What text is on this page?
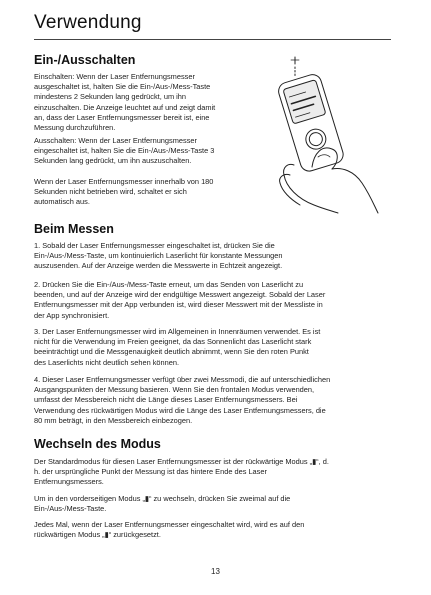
Verwendung
Ein-/Ausschalten
Einschalten: Wenn der Laser Entfernungsmesser
ausgeschaltet ist, halten Sie die Ein-/Aus-/Mess-Taste
mindestens 2 Sekunden lang gedrückt, um ihn
einzuschalten. Die Anzeige leuchtet auf und zeigt damit
an, dass der Laser Entfernungsmesser bereit ist, eine
Messung durchzuführen.
Ausschalten: Wenn der Laser Entfernungsmesser
eingeschaltet ist, halten Sie die Ein-/Aus-/Mess-Taste 3
Sekunden lang gedrückt, um ihn auszuschalten.
Wenn der Laser Entfernungsmesser innerhalb von 180
Sekunden nicht betrieben wird, schaltet er sich
automatisch aus.
Beim Messen
1. Sobald der Laser Entfernungsmesser eingeschaltet ist, drücken Sie die
Ein-/Aus-/Mess-Taste, um kontinuierlich Laserlicht für konstante Messungen
auszusenden. Auf der Anzeige werden die Messwerte in Echtzeit angezeigt.
2. Drücken Sie die Ein-/Aus-/Mess-Taste erneut, um das Senden von Laserlicht zu
beenden, und auf der Anzeige wird der endgültige Messwert angezeigt. Sobald der Laser
Entfernungsmesser mit der App verbunden ist, wird dieser Messwert mit der Messliste in
der App synchronisiert.
3. Der Laser Entfernungsmesser wird im Allgemeinen in Innenräumen verwendet. Es ist
nicht für die Verwendung im Freien geeignet, da das Sonnenlicht das Laserlicht stark
beeinträchtigt und die Messgenauigkeit deutlich abnimmt, wenn Sie den roten Punkt
des Laserlichts nicht deutlich sehen können.
4. Dieser Laser Entfernungsmesser verfügt über zwei Messmodi, die auf unterschiedlichen
Ausgangspunkten der Messung basieren. Wenn Sie den frontalen Modus verwenden,
umfasst der Messbereich nicht die Länge dieses Laser Entfernungsmessers. Bei
Verwendung des rückwärtigen Modus wird die Länge des Laser Entfernungsmessers, die
80 mm beträgt, in den Messbereich einbezogen.
Wechseln des Modus
Der Standardmodus für diesen Laser Entfernungsmesser ist der rückwärtige Modus „▮“, d.
h. der ursprüngliche Punkt der Messung ist das hintere Ende des Laser
Entfernungsmessers.
Um in den vorderseitigen Modus „▮“ zu wechseln, drücken Sie zweimal auf die
Ein-/Aus-/Mess-Taste.
Jedes Mal, wenn der Laser Entfernungsmesser eingeschaltet wird, wird es auf den
rückwärtigen Modus „▮“ zurückgesetzt.
13
